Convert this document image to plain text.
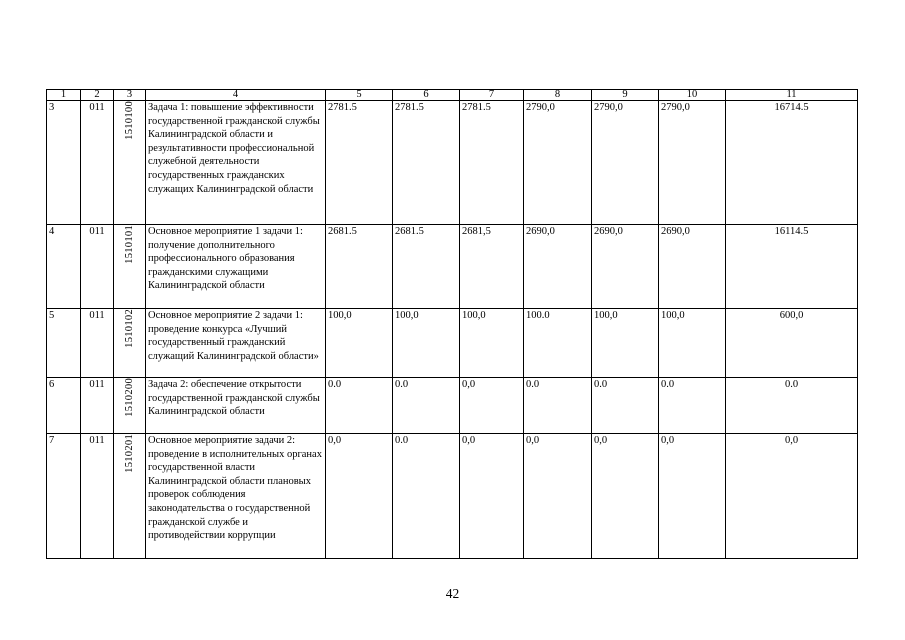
1	2	3	4	5	6	7	8	9	10	11
3	011	1510100	Задача 1: повышение эффективности государственной гражданской службы Калининградской области и результативности профессиональной служебной деятельности государственных гражданских служащих Калининградской области	2781.5	2781.5	2781.5	2790,0	2790,0	2790,0	16714.5
4	011	1510101	Основное мероприятие 1 задачи 1: получение дополнительного профессионального образования гражданскими служащими Калининградской области	2681.5	2681.5	2681,5	2690,0	2690,0	2690,0	16114.5
5	011	1510102	Основное мероприятие 2 задачи 1: проведение конкурса «Лучший государственный гражданский служащий Калининградской области»	100,0	100,0	100,0	100.0	100,0	100,0	600,0
6	011	1510200	Задача 2: обеспечение открытости государственной гражданской службы Калининградской области	0.0	0.0	0,0	0.0	0.0	0.0	0.0
7	011	1510201	Основное мероприятие задачи 2: проведение в исполнительных органах государственной власти Калининградской области плановых проверок соблюдения законодательства о государственной гражданской службе и противодействии коррупции	0,0	0.0	0,0	0,0	0,0	0,0	0,0
42
